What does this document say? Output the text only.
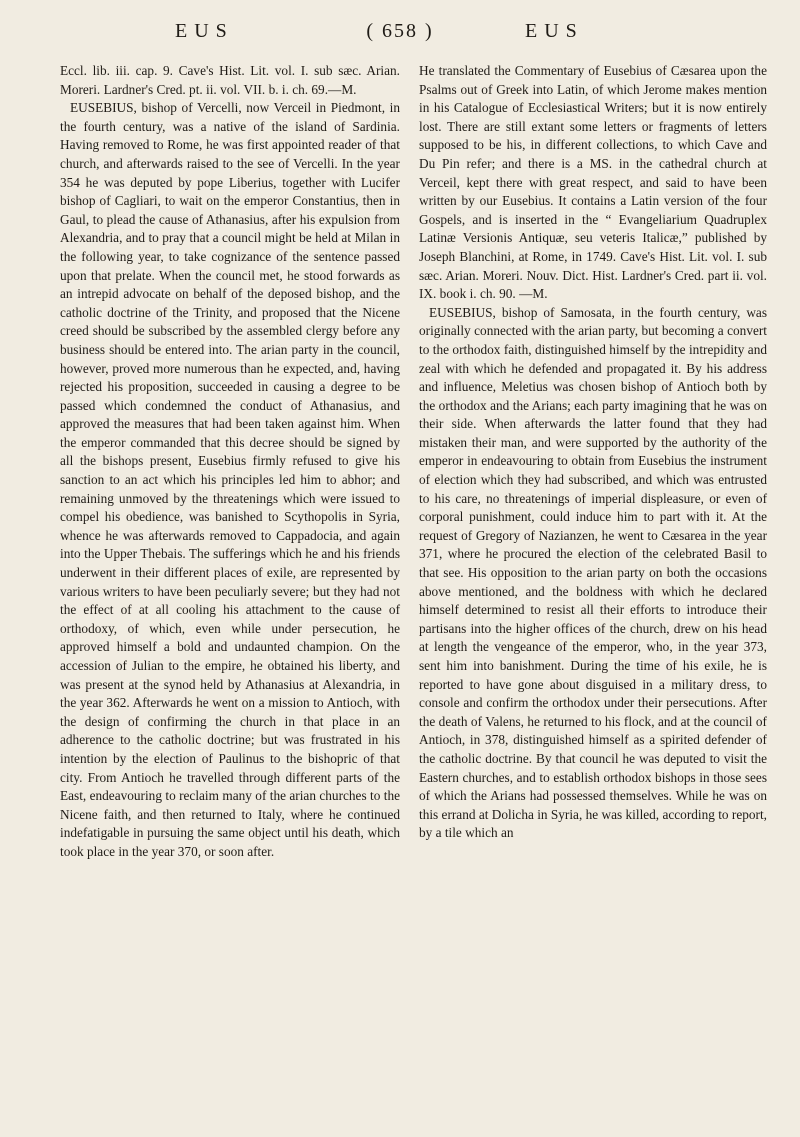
EUS	( 658 )	EUS

Eccl. lib. iii. cap. 9. Cave's Hist. Lit. vol. I. sub sæc. Arian. Moreri. Lardner's Cred. pt. ii. vol. VII. b. i. ch. 69.—M.

EUSEBIUS, bishop of Vercelli, now Verceil in Piedmont, in the fourth century, was a native of the island of Sardinia. Having removed to Rome, he was first appointed reader of that church, and afterwards raised to the see of Vercelli. In the year 354 he was deputed by pope Liberius, together with Lucifer bishop of Cagliari, to wait on the emperor Constantius, then in Gaul, to plead the cause of Athanasius, after his expulsion from Alexandria, and to pray that a council might be held at Milan in the following year, to take cognizance of the sentence passed upon that prelate. When the council met, he stood forwards as an intrepid advocate on behalf of the deposed bishop, and the catholic doctrine of the Trinity, and proposed that the Nicene creed should be subscribed by the assembled clergy before any business should be entered into. The arian party in the council, however, proved more numerous than he expected, and, having rejected his proposition, succeeded in causing a degree to be passed which condemned the conduct of Athanasius, and approved the measures that had been taken against him. When the emperor commanded that this decree should be signed by all the bishops present, Eusebius firmly refused to give his sanction to an act which his principles led him to abhor; and remaining unmoved by the threatenings which were issued to compel his obedience, was banished to Scythopolis in Syria, whence he was afterwards removed to Cappadocia, and again into the Upper Thebais. The sufferings which he and his friends underwent in their different places of exile, are represented by various writers to have been peculiarly severe; but they had not the effect of at all cooling his attachment to the cause of orthodoxy, of which, even while under persecution, he approved himself a bold and undaunted champion. On the accession of Julian to the empire, he obtained his liberty, and was present at the synod held by Athanasius at Alexandria, in the year 362. Afterwards he went on a mission to Antioch, with the design of confirming the church in that place in an adherence to the catholic doctrine; but was frustrated in his intention by the election of Paulinus to the bishopric of that city. From Antioch he travelled through different parts of the East, endeavouring to reclaim many of the arian churches to the Nicene faith, and then returned to Italy, where he continued indefatigable in pursuing the same object until his death, which took place in the year 370, or soon after.

He translated the Commentary of Eusebius of Cæsarea upon the Psalms out of Greek into Latin, of which Jerome makes mention in his Catalogue of Ecclesiastical Writers; but it is now entirely lost. There are still extant some letters or fragments of letters supposed to be his, in different collections, to which Cave and Du Pin refer; and there is a MS. in the cathedral church at Verceil, kept there with great respect, and said to have been written by our Eusebius. It contains a Latin version of the four Gospels, and is inserted in the “ Evangeliarium Quadruplex Latinæ Versionis Antiquæ, seu veteris Italicæ,” published by Joseph Blanchini, at Rome, in 1749. Cave's Hist. Lit. vol. I. sub sæc. Arian. Moreri. Nouv. Dict. Hist. Lardner's Cred. part ii. vol. IX. book i. ch. 90. —M.

EUSEBIUS, bishop of Samosata, in the fourth century, was originally connected with the arian party, but becoming a convert to the orthodox faith, distinguished himself by the intrepidity and zeal with which he defended and propagated it. By his address and influence, Meletius was chosen bishop of Antioch both by the orthodox and the Arians; each party imagining that he was on their side. When afterwards the latter found that they had mistaken their man, and were supported by the authority of the emperor in endeavouring to obtain from Eusebius the instrument of election which they had subscribed, and which was entrusted to his care, no threatenings of imperial displeasure, or even of corporal punishment, could induce him to part with it. At the request of Gregory of Nazianzen, he went to Cæsarea in the year 371, where he procured the election of the celebrated Basil to that see. His opposition to the arian party on both the occasions above mentioned, and the boldness with which he declared himself determined to resist all their efforts to introduce their partisans into the higher offices of the church, drew on his head at length the vengeance of the emperor, who, in the year 373, sent him into banishment. During the time of his exile, he is reported to have gone about disguised in a military dress, to console and confirm the orthodox under their persecutions. After the death of Valens, he returned to his flock, and at the council of Antioch, in 378, distinguished himself as a spirited defender of the catholic doctrine. By that council he was deputed to visit the Eastern churches, and to establish orthodox bishops in those sees of which the Arians had possessed themselves. While he was on this errand at Dolicha in Syria, he was killed, according to report, by a tile which an
